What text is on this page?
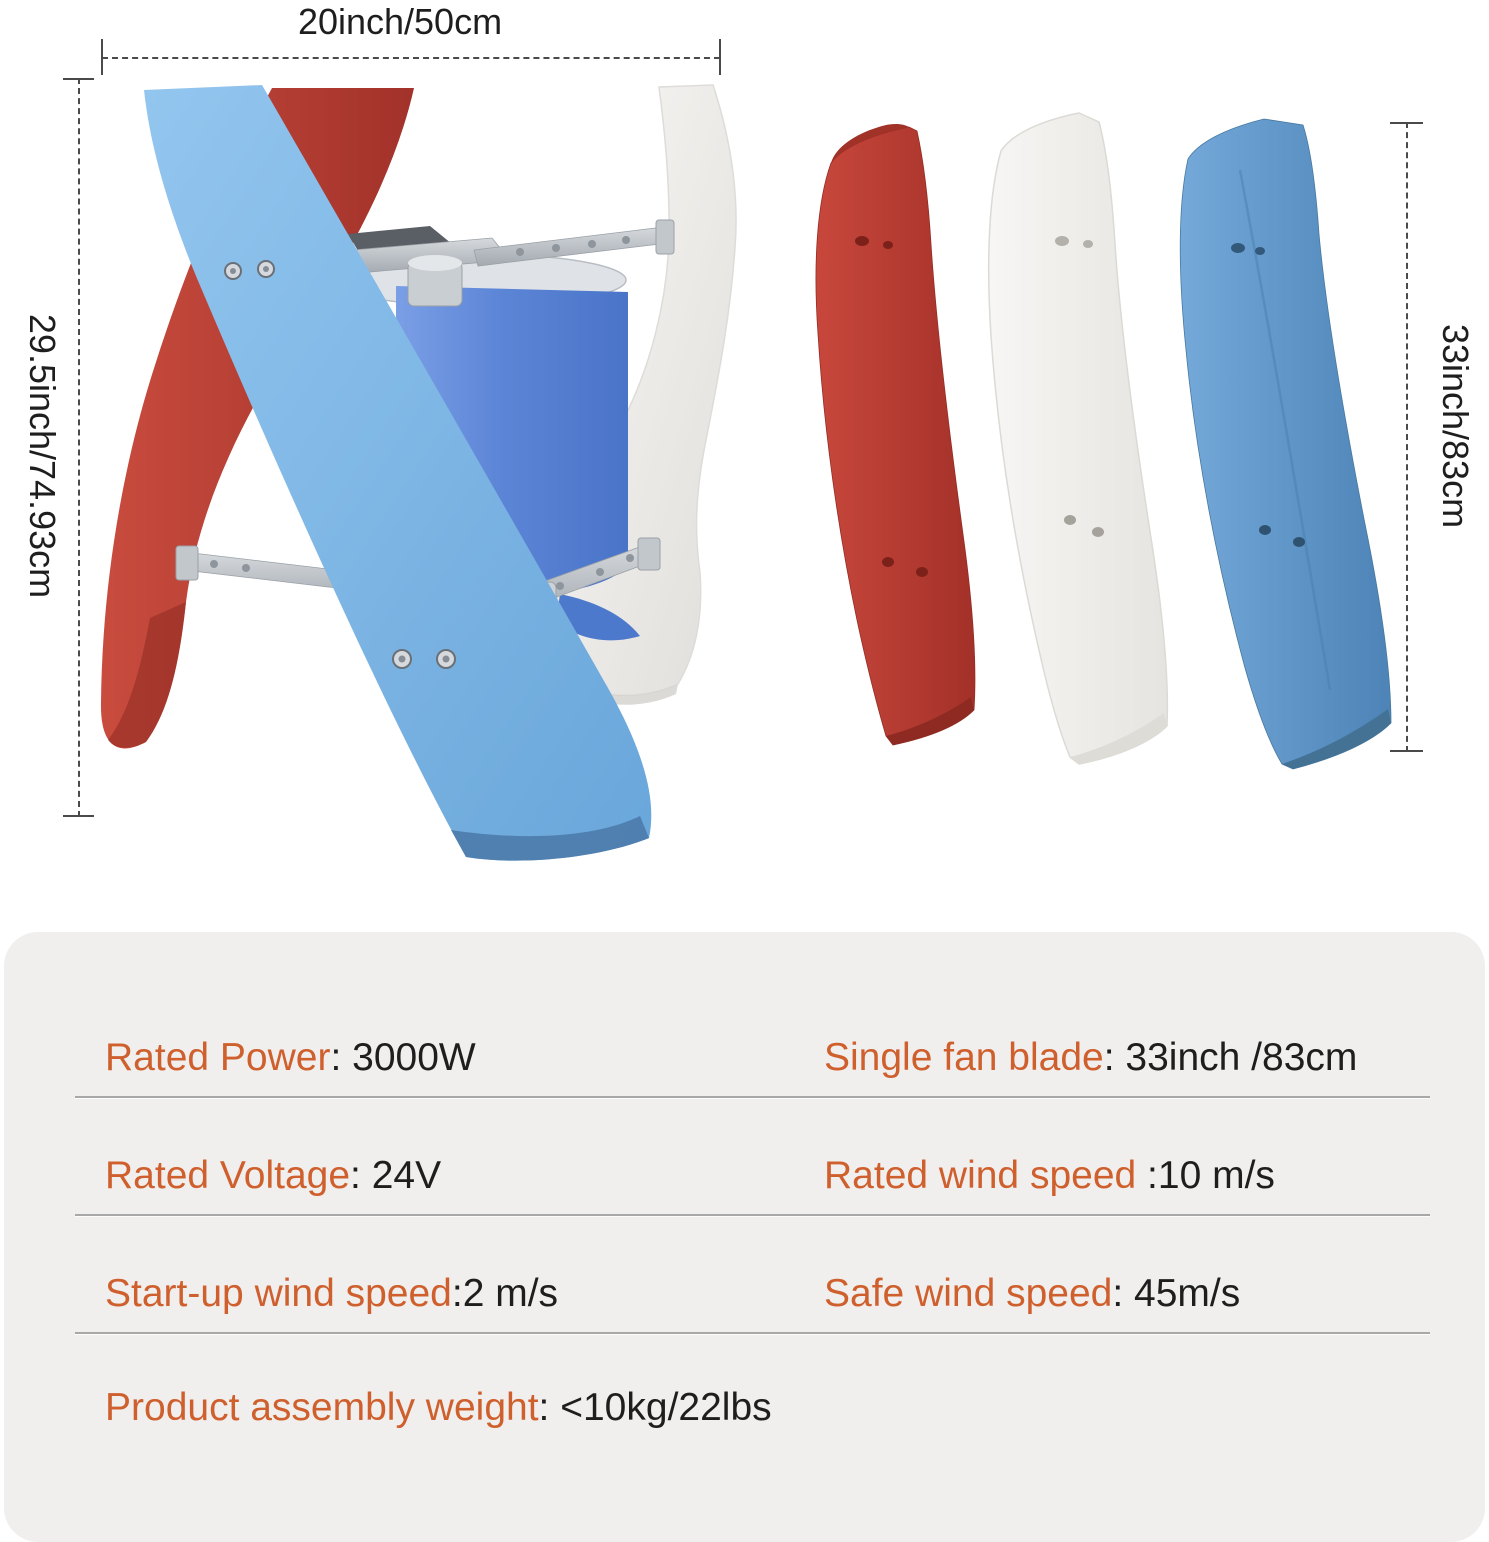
20inch/50cm
29.5inch/74.93cm	33inch/83cm
Rated Power: 3000W	Single fan blade: 33inch /83cm
Rated Voltage: 24V	Rated wind speed :10 m/s
Start-up wind speed:2 m/s	Safe wind speed: 45m/s
Product assembly weight: <10kg/22lbs
